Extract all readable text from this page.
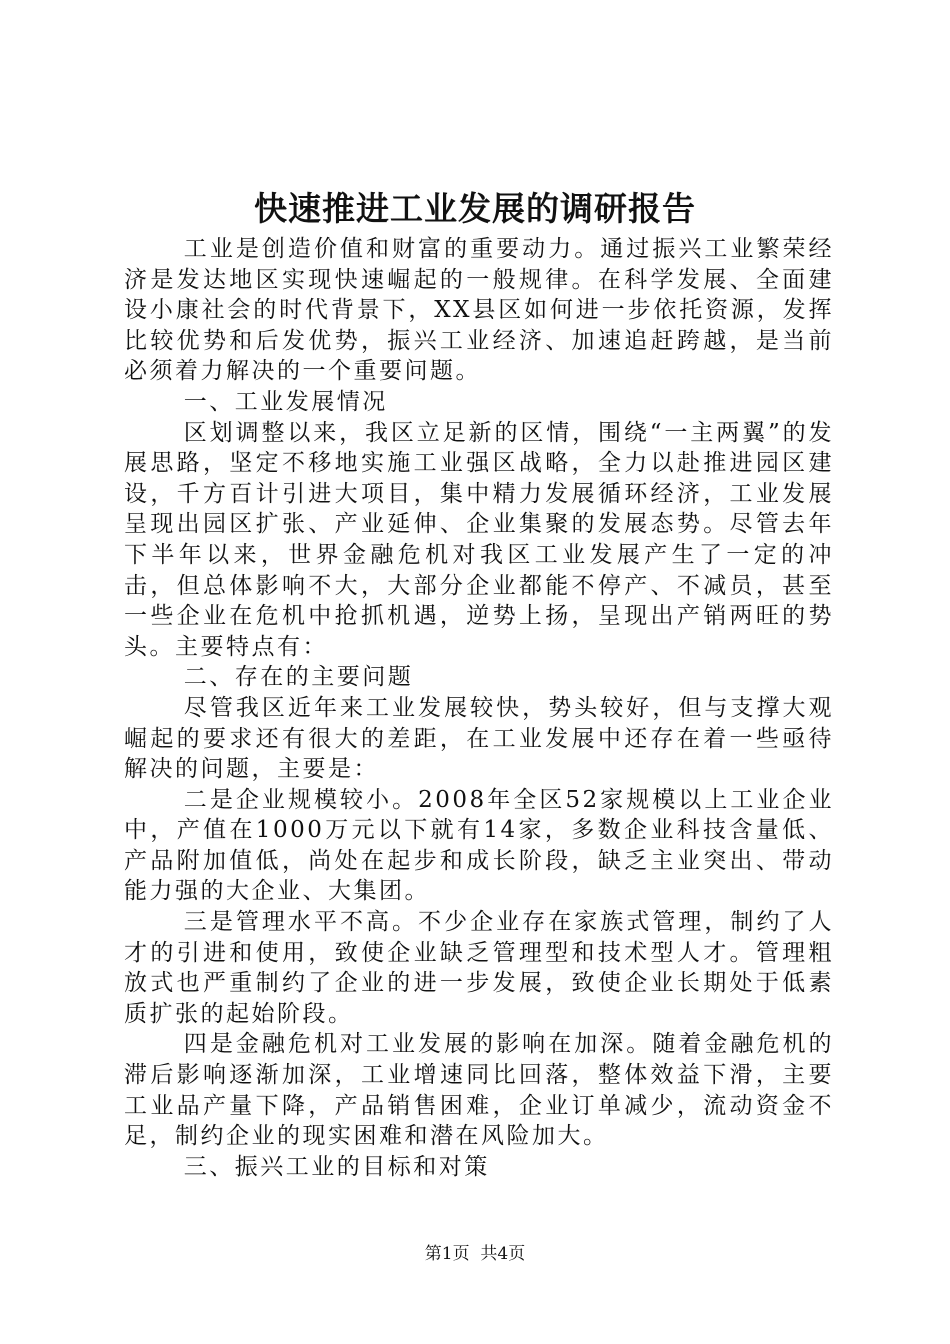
快速推进工业发展的调研报告

工业是创造价值和财富的重要动力。通过振兴工业繁荣经济是发达地区实现快速崛起的一般规律。在科学发展、全面建设小康社会的时代背景下，XX县区如何进一步依托资源，发挥比较优势和后发优势，振兴工业经济、加速追赶跨越，是当前必须着力解决的一个重要问题。

一、工业发展情况

区划调整以来，我区立足新的区情，围绕“一主两翼”的发展思路，坚定不移地实施工业强区战略，全力以赴推进园区建设，千方百计引进大项目，集中精力发展循环经济，工业发展呈现出园区扩张、产业延伸、企业集聚的发展态势。尽管去年下半年以来，世界金融危机对我区工业发展产生了一定的冲击，但总体影响不大，大部分企业都能不停产、不减员，甚至一些企业在危机中抢抓机遇，逆势上扬，呈现出产销两旺的势头。主要特点有：

二、存在的主要问题

尽管我区近年来工业发展较快，势头较好，但与支撑大观崛起的要求还有很大的差距，在工业发展中还存在着一些亟待解决的问题，主要是：

二是企业规模较小。2008年全区52家规模以上工业企业中，产值在1000万元以下就有14家，多数企业科技含量低、产品附加值低，尚处在起步和成长阶段，缺乏主业突出、带动能力强的大企业、大集团。

三是管理水平不高。不少企业存在家族式管理，制约了人才的引进和使用，致使企业缺乏管理型和技术型人才。管理粗放式也严重制约了企业的进一步发展，致使企业长期处于低素质扩张的起始阶段。

四是金融危机对工业发展的影响在加深。随着金融危机的滞后影响逐渐加深，工业增速同比回落，整体效益下滑，主要工业品产量下降，产品销售困难，企业订单减少，流动资金不足，制约企业的现实困难和潜在风险加大。

三、振兴工业的目标和对策

第1页  共4页
